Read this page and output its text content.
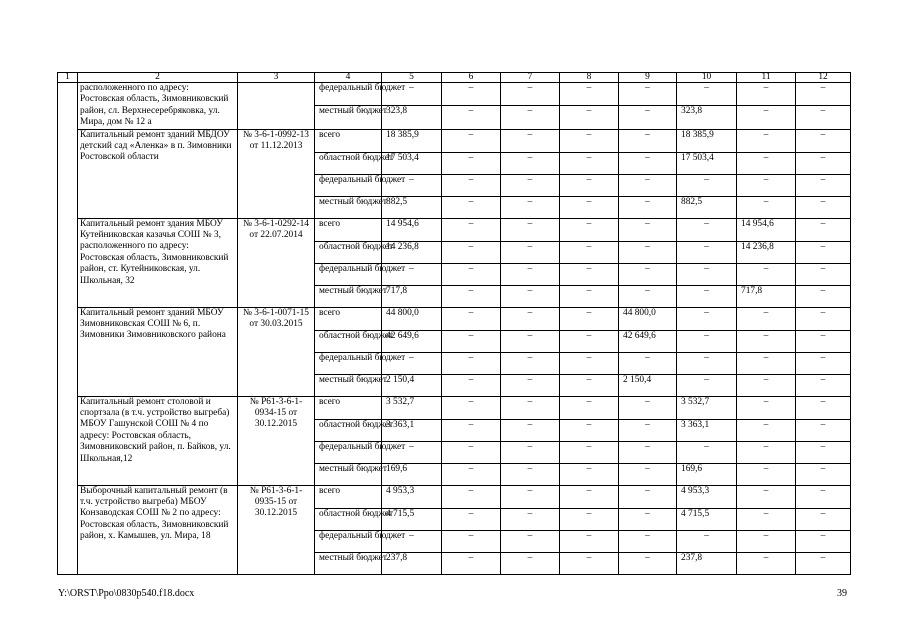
1	2	3	4	5	6	7	8	9	10	11	12
	расположенного по адресу: Ростовская область, Зимовниковский район, сл. Верхнесеребряковка, ул. Мира, дом № 12 а		федеральный бюджет	–	–	–	–	–	–	–	–
			местный бюджет	323,8	–	–	–	–	323,8	–	–
	Капитальный ремонт зданий МБДОУ детский сад «Аленка» в п. Зимовники Ростовской области	№ 3-6-1-0992-13 от 11.12.2013	всего	18 385,9	–	–	–	–	18 385,9	–	–
			областной бюджет	17 503,4	–	–	–	–	17 503,4	–	–
			федеральный бюджет	–	–	–	–	–	–	–	–
			местный бюджет	882,5	–	–	–	–	882,5	–	–
	Капитальный ремонт здания МБОУ Кутейниковская казачья СОШ № 3, расположенного по адресу: Ростовская область, Зимовниковский район, ст. Кутейниковская, ул. Школьная, 32	№ 3-6-1-0292-14 от 22.07.2014	всего	14 954,6	–	–	–	–	–	14 954,6	–
			областной бюджет	14 236,8	–	–	–	–	–	14 236,8	–
			федеральный бюджет	–	–	–	–	–	–	–	–
			местный бюджет	717,8	–	–	–	–	–	717,8	–
	Капитальный ремонт зданий МБОУ Зимовниковская СОШ № 6, п. Зимовники Зимовниковского района	№ 3-6-1-0071-15 от 30.03.2015	всего	44 800,0	–	–	–	44 800,0	–	–	–
			областной бюджет	42 649,6	–	–	–	42 649,6	–	–	–
			федеральный бюджет	–	–	–	–	–	–	–	–
			местный бюджет	2 150,4	–	–	–	2 150,4	–	–	–
	Капитальный ремонт столовой и спортзала (в т.ч. устройство выгреба) МБОУ Гашунской СОШ № 4 по адресу: Ростовская область, Зимовниковский район, п. Байков, ул. Школьная,12	№ Р61-3-6-1-0934-15 от 30.12.2015	всего	3 532,7	–	–	–	–	3 532,7	–	–
			областной бюджет	3 363,1	–	–	–	–	3 363,1	–	–
			федеральный бюджет	–	–	–	–	–	–	–	–
			местный бюджет	169,6	–	–	–	–	169,6	–	–
	Выборочный капитальный ремонт (в т.ч. устройство выгреба) МБОУ Конзаводская СОШ № 2 по адресу: Ростовская область, Зимовниковский район, х. Камышев, ул. Мира, 18	№ Р61-3-6-1-0935-15 от 30.12.2015	всего	4 953,3	–	–	–	–	4 953,3	–	–
			областной бюджет	4 715,5	–	–	–	–	4 715,5	–	–
			федеральный бюджет	–	–	–	–	–	–	–	–
			местный бюджет	237,8	–	–	–	–	237,8	–	–
Y:\ORST\Ppo\0830p540.f18.docx	39
